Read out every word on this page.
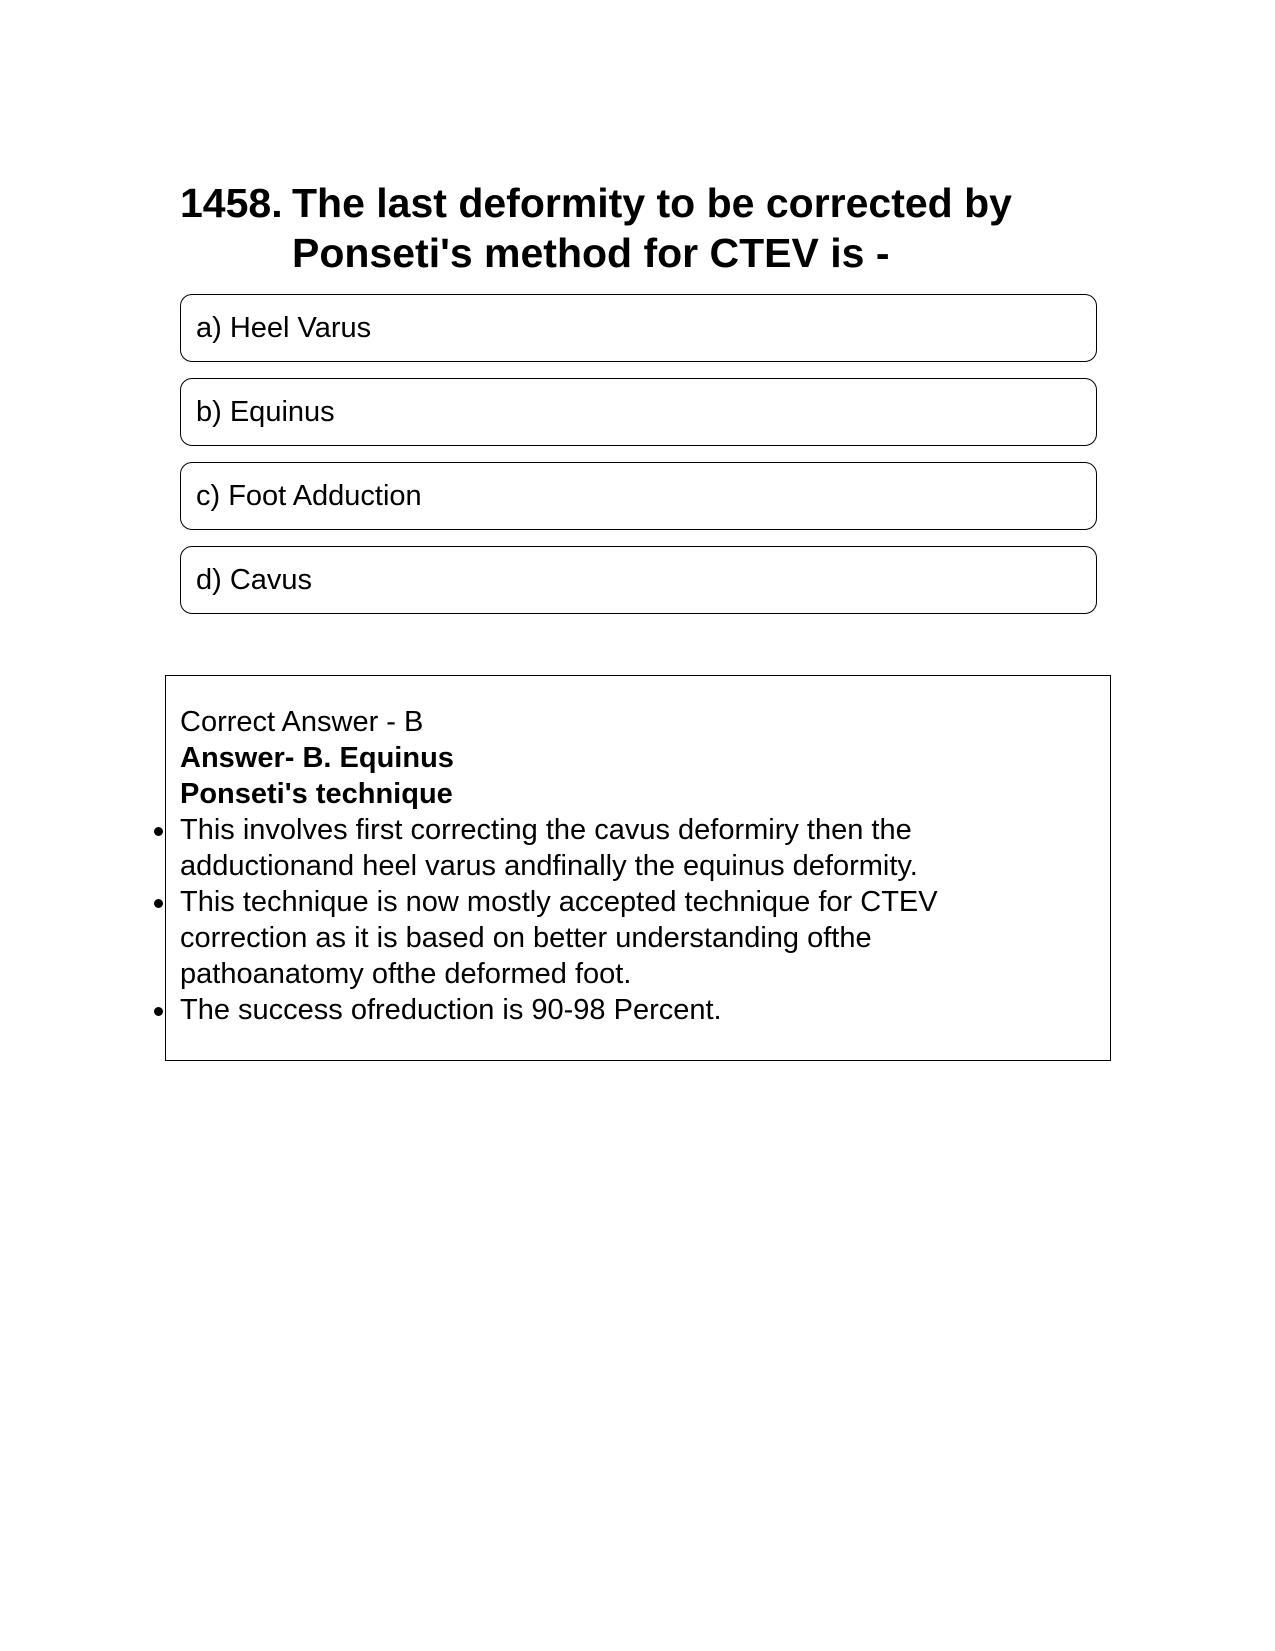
1458. The last deformity to be corrected by
Ponseti's method for CTEV is -
a) Heel Varus
b) Equinus
c) Foot Adduction
d) Cavus
Correct Answer - B
Answer- B. Equinus
Ponseti's technique
This involves first correcting the cavus deformiry then the
adductionand heel varus andfinally the equinus deformity.
This technique is now mostly accepted technique for CTEV
correction as it is based on better understanding ofthe
pathoanatomy ofthe deformed foot.
The success ofreduction is 90-98 Percent.
